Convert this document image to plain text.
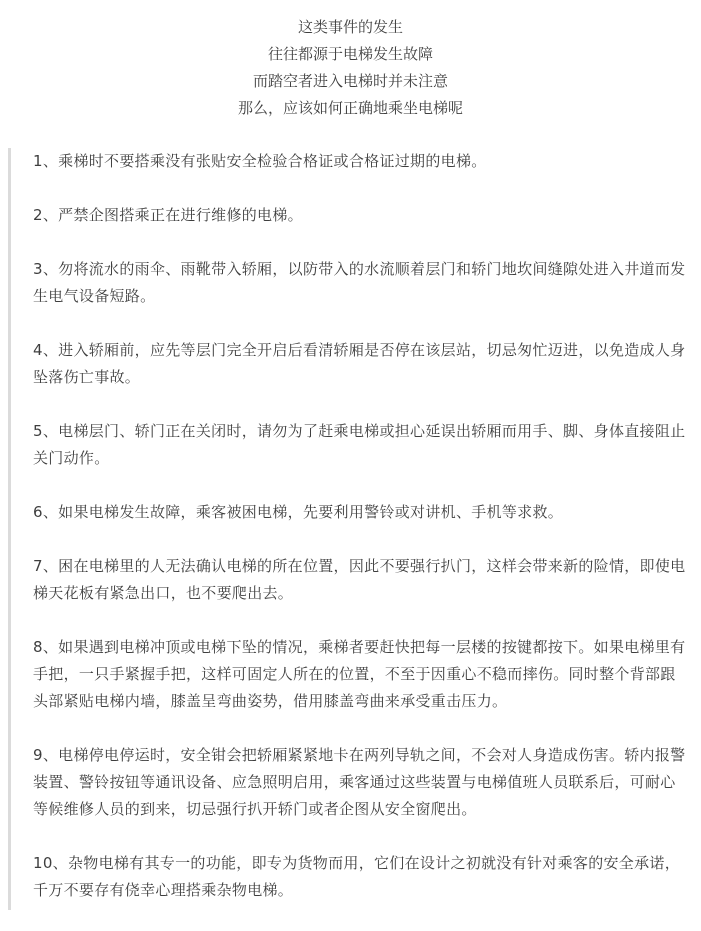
这类事件的发生
往往都源于电梯发生故障
而踏空者进入电梯时并未注意
那么，应该如何正确地乘坐电梯呢

1、乘梯时不要搭乘没有张贴安全检验合格证或合格证过期的电梯。

2、严禁企图搭乘正在进行维修的电梯。

3、勿将流水的雨伞、雨靴带入轿厢，以防带入的水流顺着层门和轿门地坎间缝隙处进入井道而发生电气设备短路。

4、进入轿厢前，应先等层门完全开启后看清轿厢是否停在该层站，切忌匆忙迈进，以免造成人身坠落伤亡事故。

5、电梯层门、轿门正在关闭时，请勿为了赶乘电梯或担心延误出轿厢而用手、脚、身体直接阻止关门动作。

6、如果电梯发生故障，乘客被困电梯，先要利用警铃或对讲机、手机等求救。

7、困在电梯里的人无法确认电梯的所在位置，因此不要强行扒门，这样会带来新的险情，即使电梯天花板有紧急出口，也不要爬出去。

8、如果遇到电梯冲顶或电梯下坠的情况，乘梯者要赶快把每一层楼的按键都按下。如果电梯里有手把，一只手紧握手把，这样可固定人所在的位置，不至于因重心不稳而摔伤。同时整个背部跟头部紧贴电梯内墙，膝盖呈弯曲姿势，借用膝盖弯曲来承受重击压力。

9、电梯停电停运时，安全钳会把轿厢紧紧地卡在两列导轨之间，不会对人身造成伤害。轿内报警装置、警铃按钮等通讯设备、应急照明启用，乘客通过这些装置与电梯值班人员联系后，可耐心等候维修人员的到来，切忌强行扒开轿门或者企图从安全窗爬出。

10、杂物电梯有其专一的功能，即专为货物而用，它们在设计之初就没有针对乘客的安全承诺，千万不要存有侥幸心理搭乘杂物电梯。
